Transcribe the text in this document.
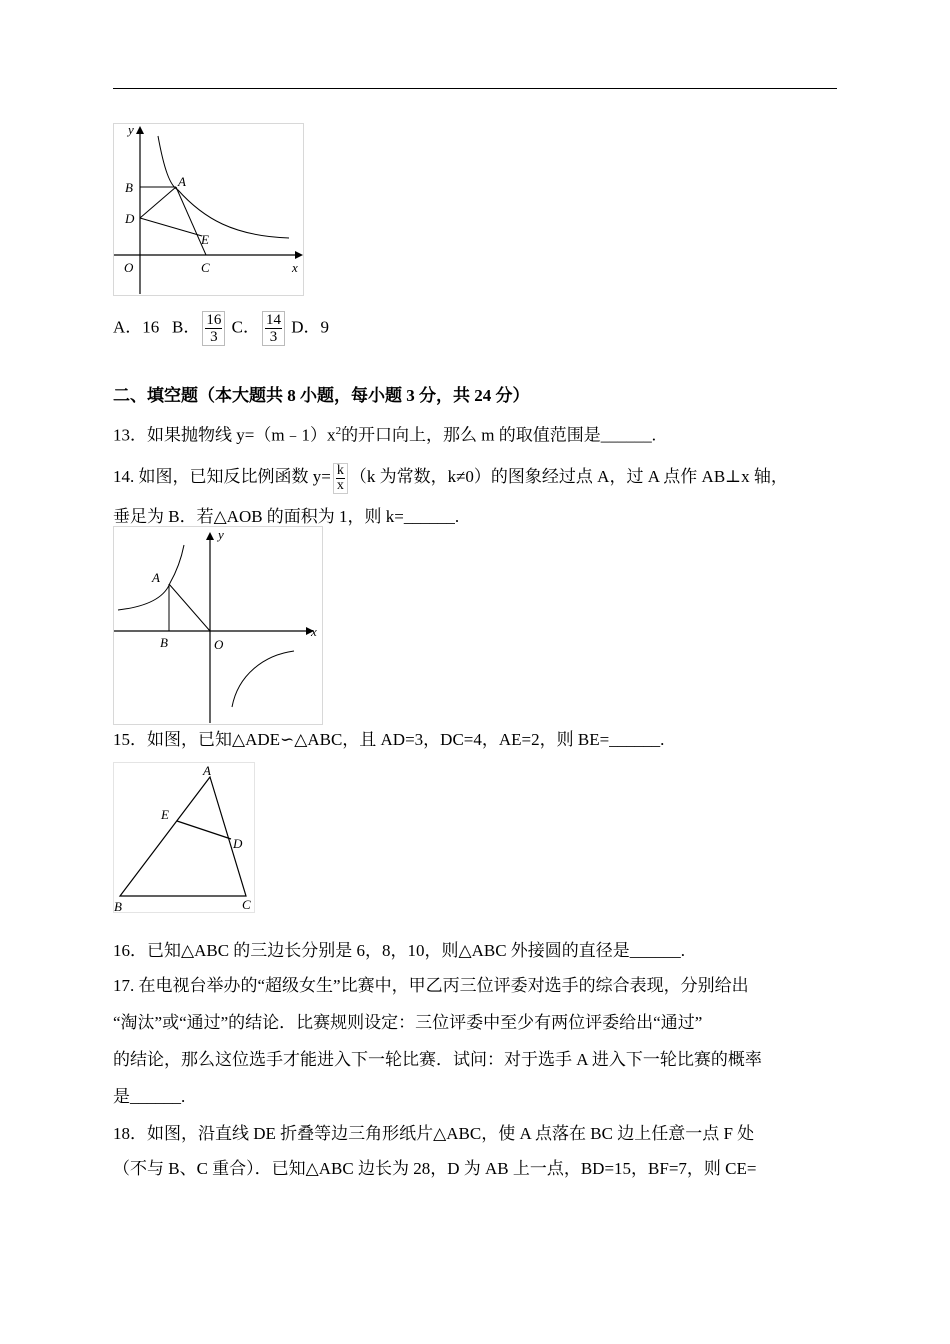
y
B	A
D
E
O	C	x
A．16 B． $\frac{16}{3}$ C． $\frac{14}{3}$ D．9
二、填空题（本大题共 8 小题，每小题 3 分，共 24 分）
13．如果抛物线 $y=(m﹣1)x^2$的开口向上，那么 m 的取值范围是______.
14. 如图，已知反比例函数 $y= \frac{k}{x} (k$ 为常数，k≠0）的图象经过点 A，过 A 点作 AB⊥x 轴，
垂足为 B．若△AOB 的面积为 1，则 k=______.
y
A
B	O
x
15．如图，已知△ADE∽△ABC，且 AD=3，DC=4，AE=2，则 BE=______.
A
E
D
B	C
16．已知△ABC 的三边长分别是 6，8，10，则△ABC 外接圆的直径是______.
17. 在电视台举办的“超级女生”比赛中，甲乙丙三位评委对选手的综合表现，分别给出
“淘汰”或“通过”的结论．比赛规则设定：三位评委中至少有两位评委给出“通过”
的结论，那么这位选手才能进入下一轮比赛．试问：对于选手 A 进入下一轮比赛的概率
是______.
18．如图，沿直线 DE 折叠等边三角形纸片△ABC，使 A 点落在 BC 边上任意一点 F 处
（不与 B、C 重合）．已知△ABC 边长为 28，D 为 AB 上一点，BD=15，BF=7，则 CE=
